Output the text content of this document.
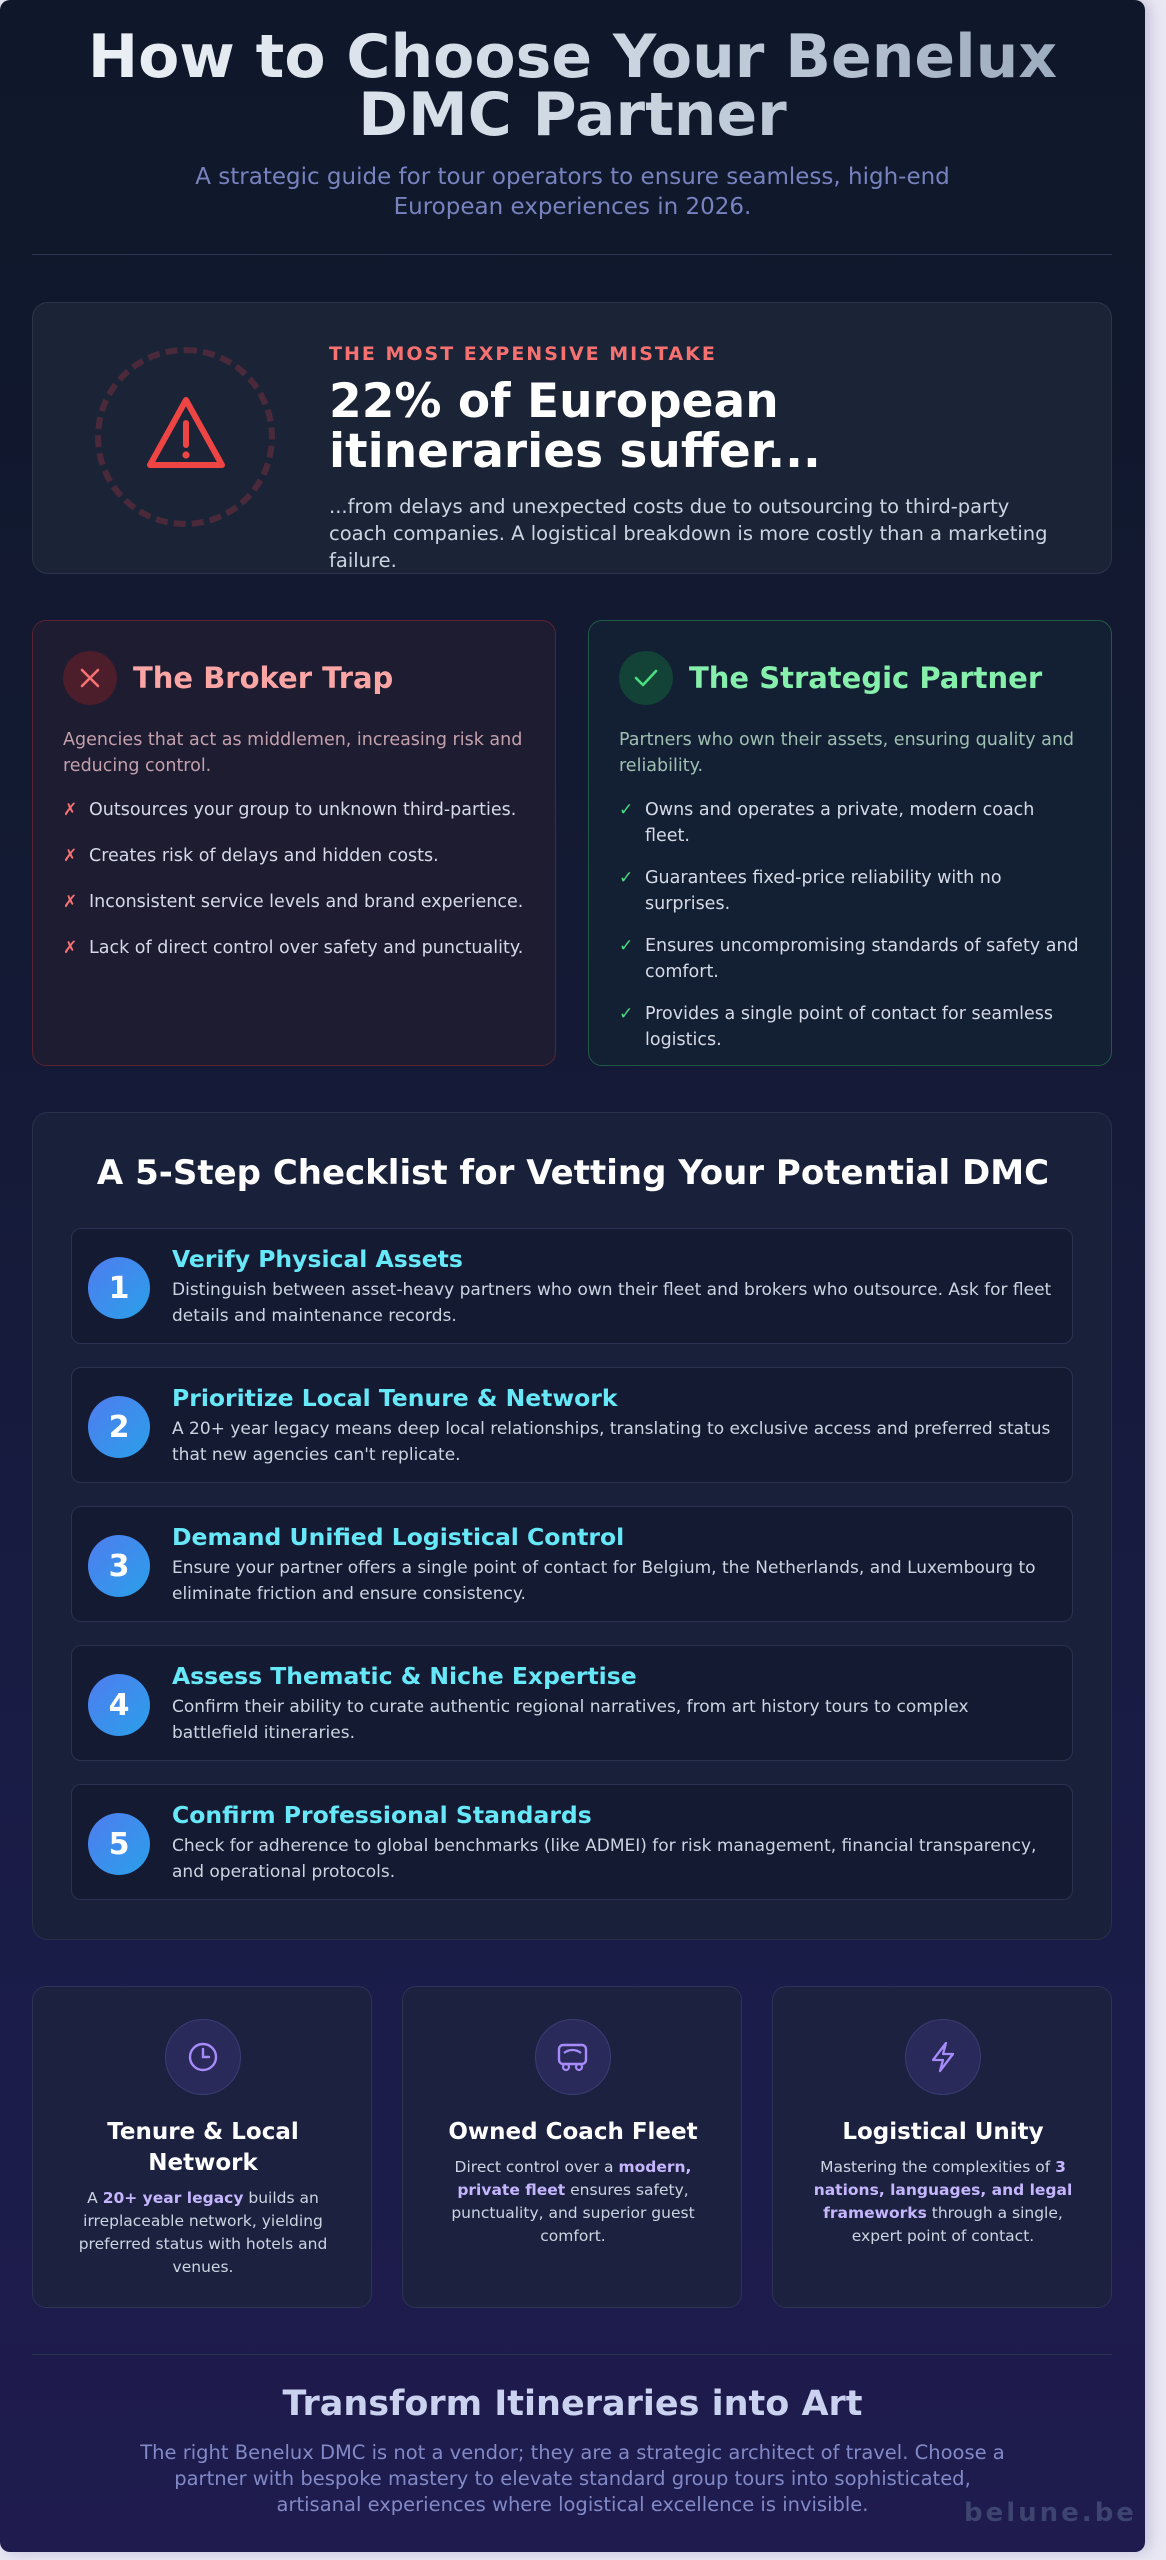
How to Choose Your Benelux DMC Partner

A strategic guide for tour operators to ensure seamless, high-end European experiences in 2026.

THE MOST EXPENSIVE MISTAKE
22% of European itineraries suffer...

...from delays and unexpected costs due to outsourcing to third-party coach companies. A logistical breakdown is more costly than a marketing failure.

The Broker Trap

Agencies that act as middlemen, increasing risk and reducing control.

✗ Outsources your group to unknown third-parties.
✗ Creates risk of delays and hidden costs.
✗ Inconsistent service levels and brand experience.
✗ Lack of direct control over safety and punctuality.
The Strategic Partner

Partners who own their assets, ensuring quality and reliability.

✓ Owns and operates a private, modern coach fleet.
✓ Guarantees fixed-price reliability with no surprises.
✓ Ensures uncompromising standards of safety and comfort.
✓ Provides a single point of contact for seamless logistics.
A 5-Step Checklist for Vetting Your Potential DMC
1
Verify Physical Assets
Distinguish between asset-heavy partners who own their fleet and brokers who outsource. Ask for fleet details and maintenance records.
2
Prioritize Local Tenure & Network
A 20+ year legacy means deep local relationships, translating to exclusive access and preferred status that new agencies can't replicate.
3
Demand Unified Logistical Control
Ensure your partner offers a single point of contact for Belgium, the Netherlands, and Luxembourg to eliminate friction and ensure consistency.
4
Assess Thematic & Niche Expertise
Confirm their ability to curate authentic regional narratives, from art history tours to complex battlefield itineraries.
5
Confirm Professional Standards
Check for adherence to global benchmarks (like ADMEI) for risk management, financial transparency, and operational protocols.
Tenure & Local Network

A 20+ year legacy builds an irreplaceable network, yielding preferred status with hotels and venues.

Owned Coach Fleet

Direct control over a modern, private fleet ensures safety, punctuality, and superior guest comfort.

Logistical Unity

Mastering the complexities of 3 nations, languages, and legal frameworks through a single, expert point of contact.

Transform Itineraries into Art

The right Benelux DMC is not a vendor; they are a strategic architect of travel. Choose a partner with bespoke mastery to elevate standard group tours into sophisticated, artisanal experiences where logistical excellence is invisible.	belune.be
